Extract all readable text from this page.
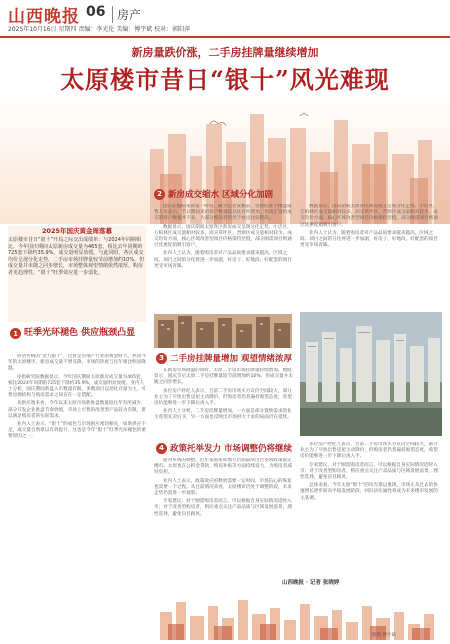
山西晚报 06 房产
2025年10月16日 星期四 责编：李光伦 美编：傅宇斌 校对：郭阳萍
新房量跌价涨，二手房挂牌量继续增加
太原楼市昔日“银十”风光难现
2025年国庆黄金周落幕

太原楼市昔日“银十”开局之际交出成绩单：与2024年同期相比，今年国庆期间太原新房成交量为465套，相比去年同期的725套下降约35.9%，成交量明显放缓。与此同时，各区成交均价呈现分化走势，二手房市场挂牌量较节前增加约10%，但成交量并未随之同步增长，市场整体观望情绪依然浓厚。购房者更趋理性，“银十”旺季效应进一步弱化。

1 旺季光环褪色 供应瓶颈凸显

回望传统的“金九银十”，这曾是房地产行业的黄金时节。然而今年的太原楼市，新房成交量不增反降，市场的热度与往年相比明显降温。

中指研究院数据显示，今年国庆期间太原新房成交量为465套，相比2024年同期的725套下降约35.9%，成交量明显放缓。业内人士分析，国庆期间新盘入市数量有限，多数项目以消化存量为主，可售房源结构与购房需求之间存在一定错配。

从供应端来看，今年以来太原市场新推盘数量较往年有所减少，部分开发企业推盘节奏放缓，市场上可售的改善型产品较为有限，难以满足购房者的实际需求。

业内人士表示，“银十”的成色与市场供应密切相关，如果供应不足，成交量自然难以有效提升，这也是今年“银十”旺季光环褪色的重要原因之一。

2 新房成交缩水 区域分化加剧

国庆长假结束的第一时间，截至记者发稿前，受访的多个楼盘销售人员表示，节日期间来访客户数量较以往有所增加，但真正签约成交的客户数量并不多，大部分购房者仍处于看房比较阶段。

数据显示，国庆期间太原各区新房成交呈现分化走势。小店区、万柏林区成交量相对较多，而尖草坪区、晋源区成交量相对较少。成交均价方面，核心区域改善型项目价格保持坚挺，部分刚需项目则通过优惠促销吸引客户。

业内人士认为，随着购房者对产品品质要求越来越高，区域之间、项目之间的分化将进一步加剧，好房子、好地段、好配套的项目更受市场青睐。

数据显示，国庆期间太原各区新房成交呈现分化走势。小店区、万柏林区成交量相对较多，而尖草坪区、晋源区成交量相对较少。成交均价方面，核心区域改善型项目价格保持坚挺，部分刚需项目则通过优惠促销吸引客户。

业内人士认为，随着购房者对产品品质要求越来越高，区域之间、项目之间的分化将进一步加剧，好房子、好地段、好配套的项目更受市场青睐。

3 二手房挂牌量增加 观望情绪浓厚

在新房市场降温的同时，太原二手房市场挂牌量持续增加。数据显示，国庆节后太原二手房挂牌量较节前增加约10%，但成交量并未随之同步增长。

多位房产经纪人表示，目前二手房市场买方议价空间较大，部分业主为了尽快出售房屋主动降价，但购房者仍普遍持观望态度，希望房价能够进一步下降后再入手。

业内人士分析，二手房挂牌量增加，一方面是部分置换需求的业主希望先卖后买，另一方面也反映出市场供大于求的局面仍在延续。

4 政策托举发力 市场调整仍将继续

面对市场的调整，近年来国家和地方层面陆续出台多项政策稳定楼市。太原也在公积金贷款、购房补贴等方面持续发力，为购房者减轻负担。

业内人士表示，政策效应的释放需要一定时间，市场信心的恢复也需要一个过程。从目前情况来看，太原楼市仍处于调整阶段，未来走势仍需进一步观察。

专家建议，对于刚需购房者而言，可以根据自身实际情况适时入市；对于改善型购房者，则应重点关注产品品质与区域发展前景，理性选择，避免盲目跟风。

多位房产经纪人表示，目前二手房市场买方议价空间较大，部分业主为了尽快出售房屋主动降价，但购房者仍普遍持观望态度，希望房价能够进一步下降后再入手。

专家建议，对于刚需购房者而言，可以根据自身实际情况适时入市；对于改善型购房者，则应重点关注产品品质与区域发展前景，理性选择，避免盲目跟风。

总体来看，今年太原“银十”的风光难以重现，市场正从过去的快速增长逐步转向平稳发展阶段，回归居住属性将成为未来楼市发展的主基调。

山西晚报 · 记者 张晓婷
制图 傅宇斌
